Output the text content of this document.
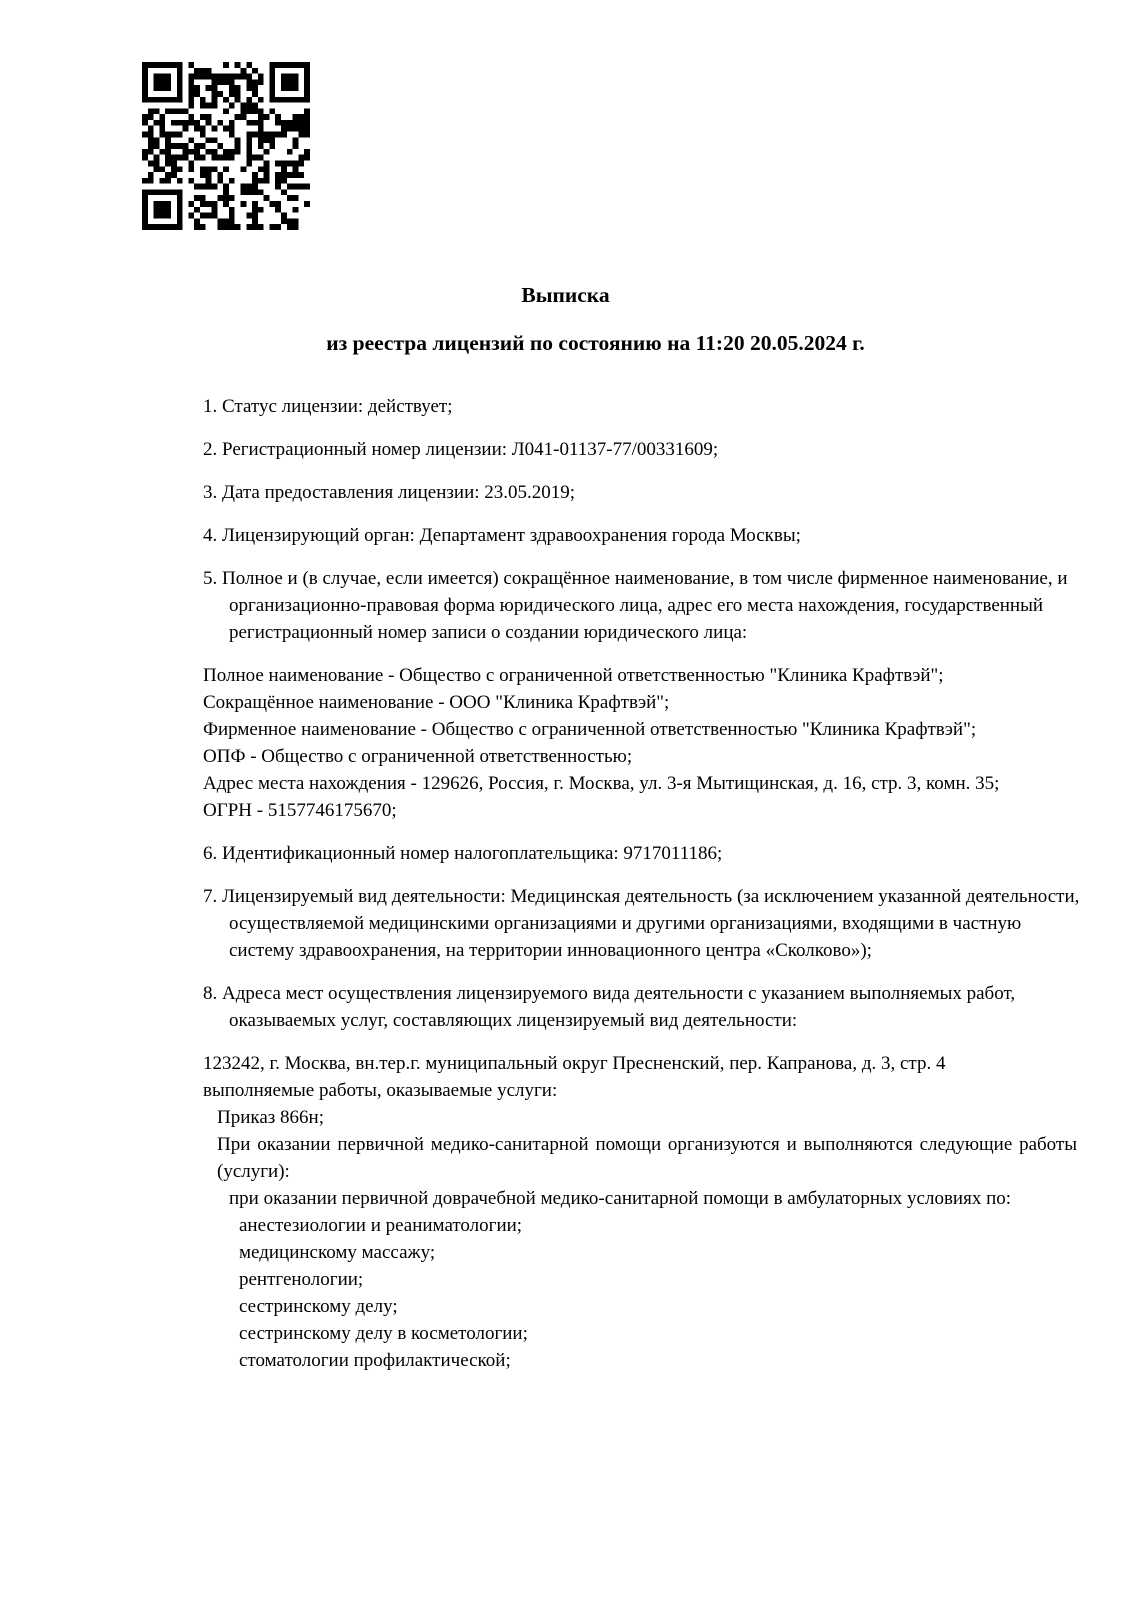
Выписка
из реестра лицензий по состоянию на 11:20 20.05.2024 г.

1. Статус лицензии: действует;

2. Регистрационный номер лицензии: Л041-01137-77/00331609;

3. Дата предоставления лицензии: 23.05.2019;

4. Лицензирующий орган: Департамент здравоохранения города Москвы;

5. Полное и (в случае, если имеется) сокращённое наименование, в том числе фирменное наименование, и организационно-правовая форма юридического лица, адрес его места нахождения, государственный регистрационный номер записи о создании юридического лица:

Полное наименование - Общество с ограниченной ответственностью "Клиника Крафтвэй";

Сокращённое наименование - ООО "Клиника Крафтвэй";

Фирменное наименование - Общество с ограниченной ответственностью "Клиника Крафтвэй";

ОПФ - Общество с ограниченной ответственностью;

Адрес места нахождения - 129626, Россия, г. Москва, ул. 3-я Мытищинская, д. 16, стр. 3, комн. 35;

ОГРН - 5157746175670;

6. Идентификационный номер налогоплательщика: 9717011186;

7. Лицензируемый вид деятельности: Медицинская деятельность (за исключением указанной деятельности, осуществляемой медицинскими организациями и другими организациями, входящими в частную систему здравоохранения, на территории инновационного центра «Сколково»);

8. Адреса мест осуществления лицензируемого вида деятельности с указанием выполняемых работ, оказываемых услуг, составляющих лицензируемый вид деятельности:

123242, г. Москва, вн.тер.г. муниципальный округ Пресненский, пер. Капранова, д. 3, стр. 4

выполняемые работы, оказываемые услуги:

Приказ 866н;

При оказании первичной медико-санитарной помощи организуются и выполняются следующие работы (услуги):

при оказании первичной доврачебной медико-санитарной помощи в амбулаторных условиях по:

анестезиологии и реаниматологии;

медицинскому массажу;

рентгенологии;

сестринскому делу;

сестринскому делу в косметологии;

стоматологии профилактической;
